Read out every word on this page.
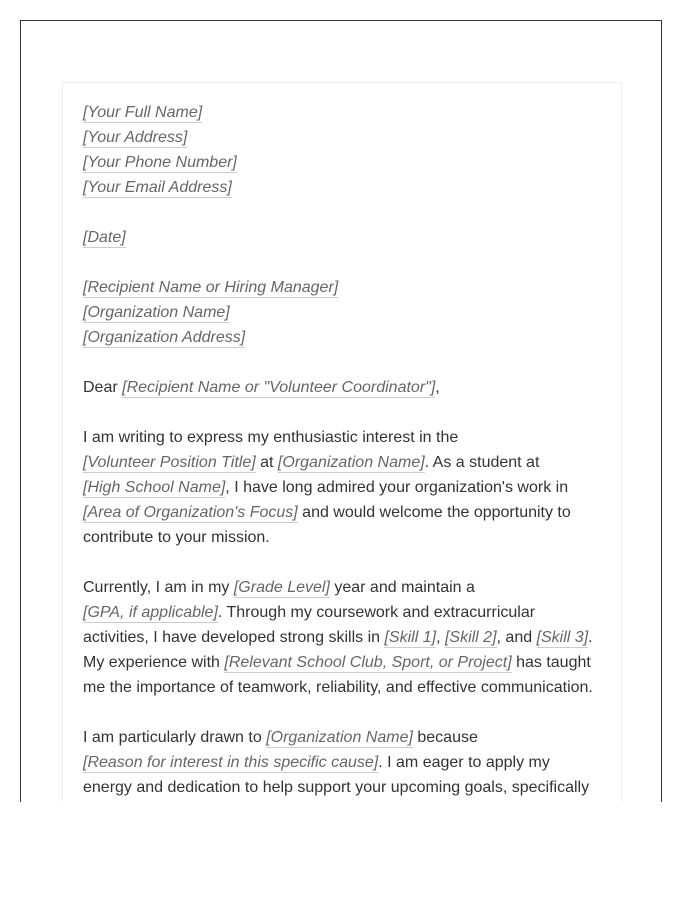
[Your Full Name]
[Your Address]
[Your Phone Number]
[Your Email Address]
[Date]
[Recipient Name or Hiring Manager]
[Organization Name]
[Organization Address]
Dear [Recipient Name or "Volunteer Coordinator"],
I am writing to express my enthusiastic interest in the
[Volunteer Position Title] at [Organization Name]. As a student at
[High School Name], I have long admired your organization's work in
[Area of Organization's Focus] and would welcome the opportunity to
contribute to your mission.
Currently, I am in my [Grade Level] year and maintain a
[GPA, if applicable]. Through my coursework and extracurricular
activities, I have developed strong skills in [Skill 1], [Skill 2], and [Skill 3].
My experience with [Relevant School Club, Sport, or Project] has taught
me the importance of teamwork, reliability, and effective communication.
I am particularly drawn to [Organization Name] because
[Reason for interest in this specific cause]. I am eager to apply my
energy and dedication to help support your upcoming goals, specifically
